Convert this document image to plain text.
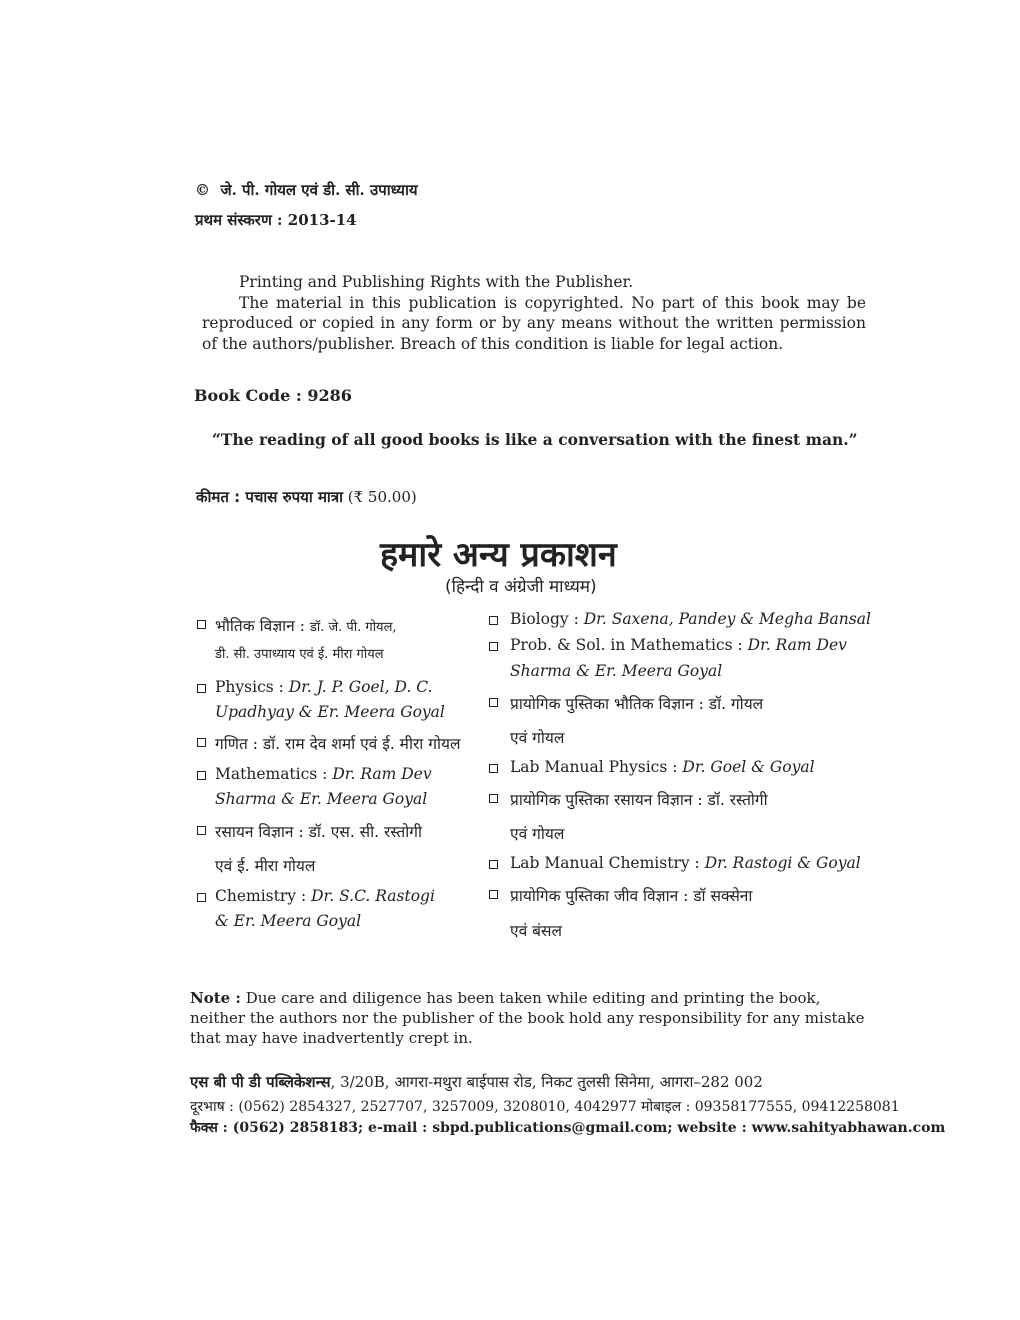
© जे. पी. गोयल एवं डी. सी. उपाध्याय
प्रथम संस्करण : 2013-14

Printing and Publishing Rights with the Publisher.

The material in this publication is copyrighted. No part of this book may be reproduced or copied in any form or by any means without the written permission of the authors/publisher. Breach of this condition is liable for legal action.

Book Code : 9286
“The reading of all good books is like a conversation with the finest man.”
कीमत : पचास रुपया मात्रा (₹ 50.00)
हमारे अन्य प्रकाशन
(हिन्दी व अंग्रेजी माध्यम)
भौतिक विज्ञान : डॉ. जे. पी. गोयल,
डी. सी. उपाध्याय एवं ई. मीरा गोयल
Physics : Dr. J. P. Goel, D. C.
Upadhyay & Er. Meera Goyal
गणित : डॉ. राम देव शर्मा एवं ई. मीरा गोयल
Mathematics : Dr. Ram Dev
Sharma & Er. Meera Goyal
रसायन विज्ञान : डॉ. एस. सी. रस्तोगी
एवं ई. मीरा गोयल
Chemistry : Dr. S.C. Rastogi
& Er. Meera Goyal
Biology : Dr. Saxena, Pandey & Megha Bansal
Prob. & Sol. in Mathematics : Dr. Ram Dev
Sharma & Er. Meera Goyal
प्रायोगिक पुस्तिका भौतिक विज्ञान : डॉ. गोयल
एवं गोयल
Lab Manual Physics : Dr. Goel & Goyal
प्रायोगिक पुस्तिका रसायन विज्ञान : डॉ. रस्तोगी
एवं गोयल
Lab Manual Chemistry : Dr. Rastogi & Goyal
प्रायोगिक पुस्तिका जीव विज्ञान : डॉ सक्सेना
एवं बंसल
Note : Due care and diligence has been taken while editing and printing the book, neither the authors nor the publisher of the book hold any responsibility for any mistake that may have inadvertently crept in.
एस बी पी डी पब्लिकेशन्स, 3/20B, आगरा-मथुरा बाईपास रोड, निकट तुलसी सिनेमा, आगरा–282 002
दूरभाष : (0562) 2854327, 2527707, 3257009, 3208010, 4042977 मोबाइल : 09358177555, 09412258081
फैक्स : (0562) 2858183; e-mail : sbpd.publications@gmail.com; website : www.sahityabhawan.com
